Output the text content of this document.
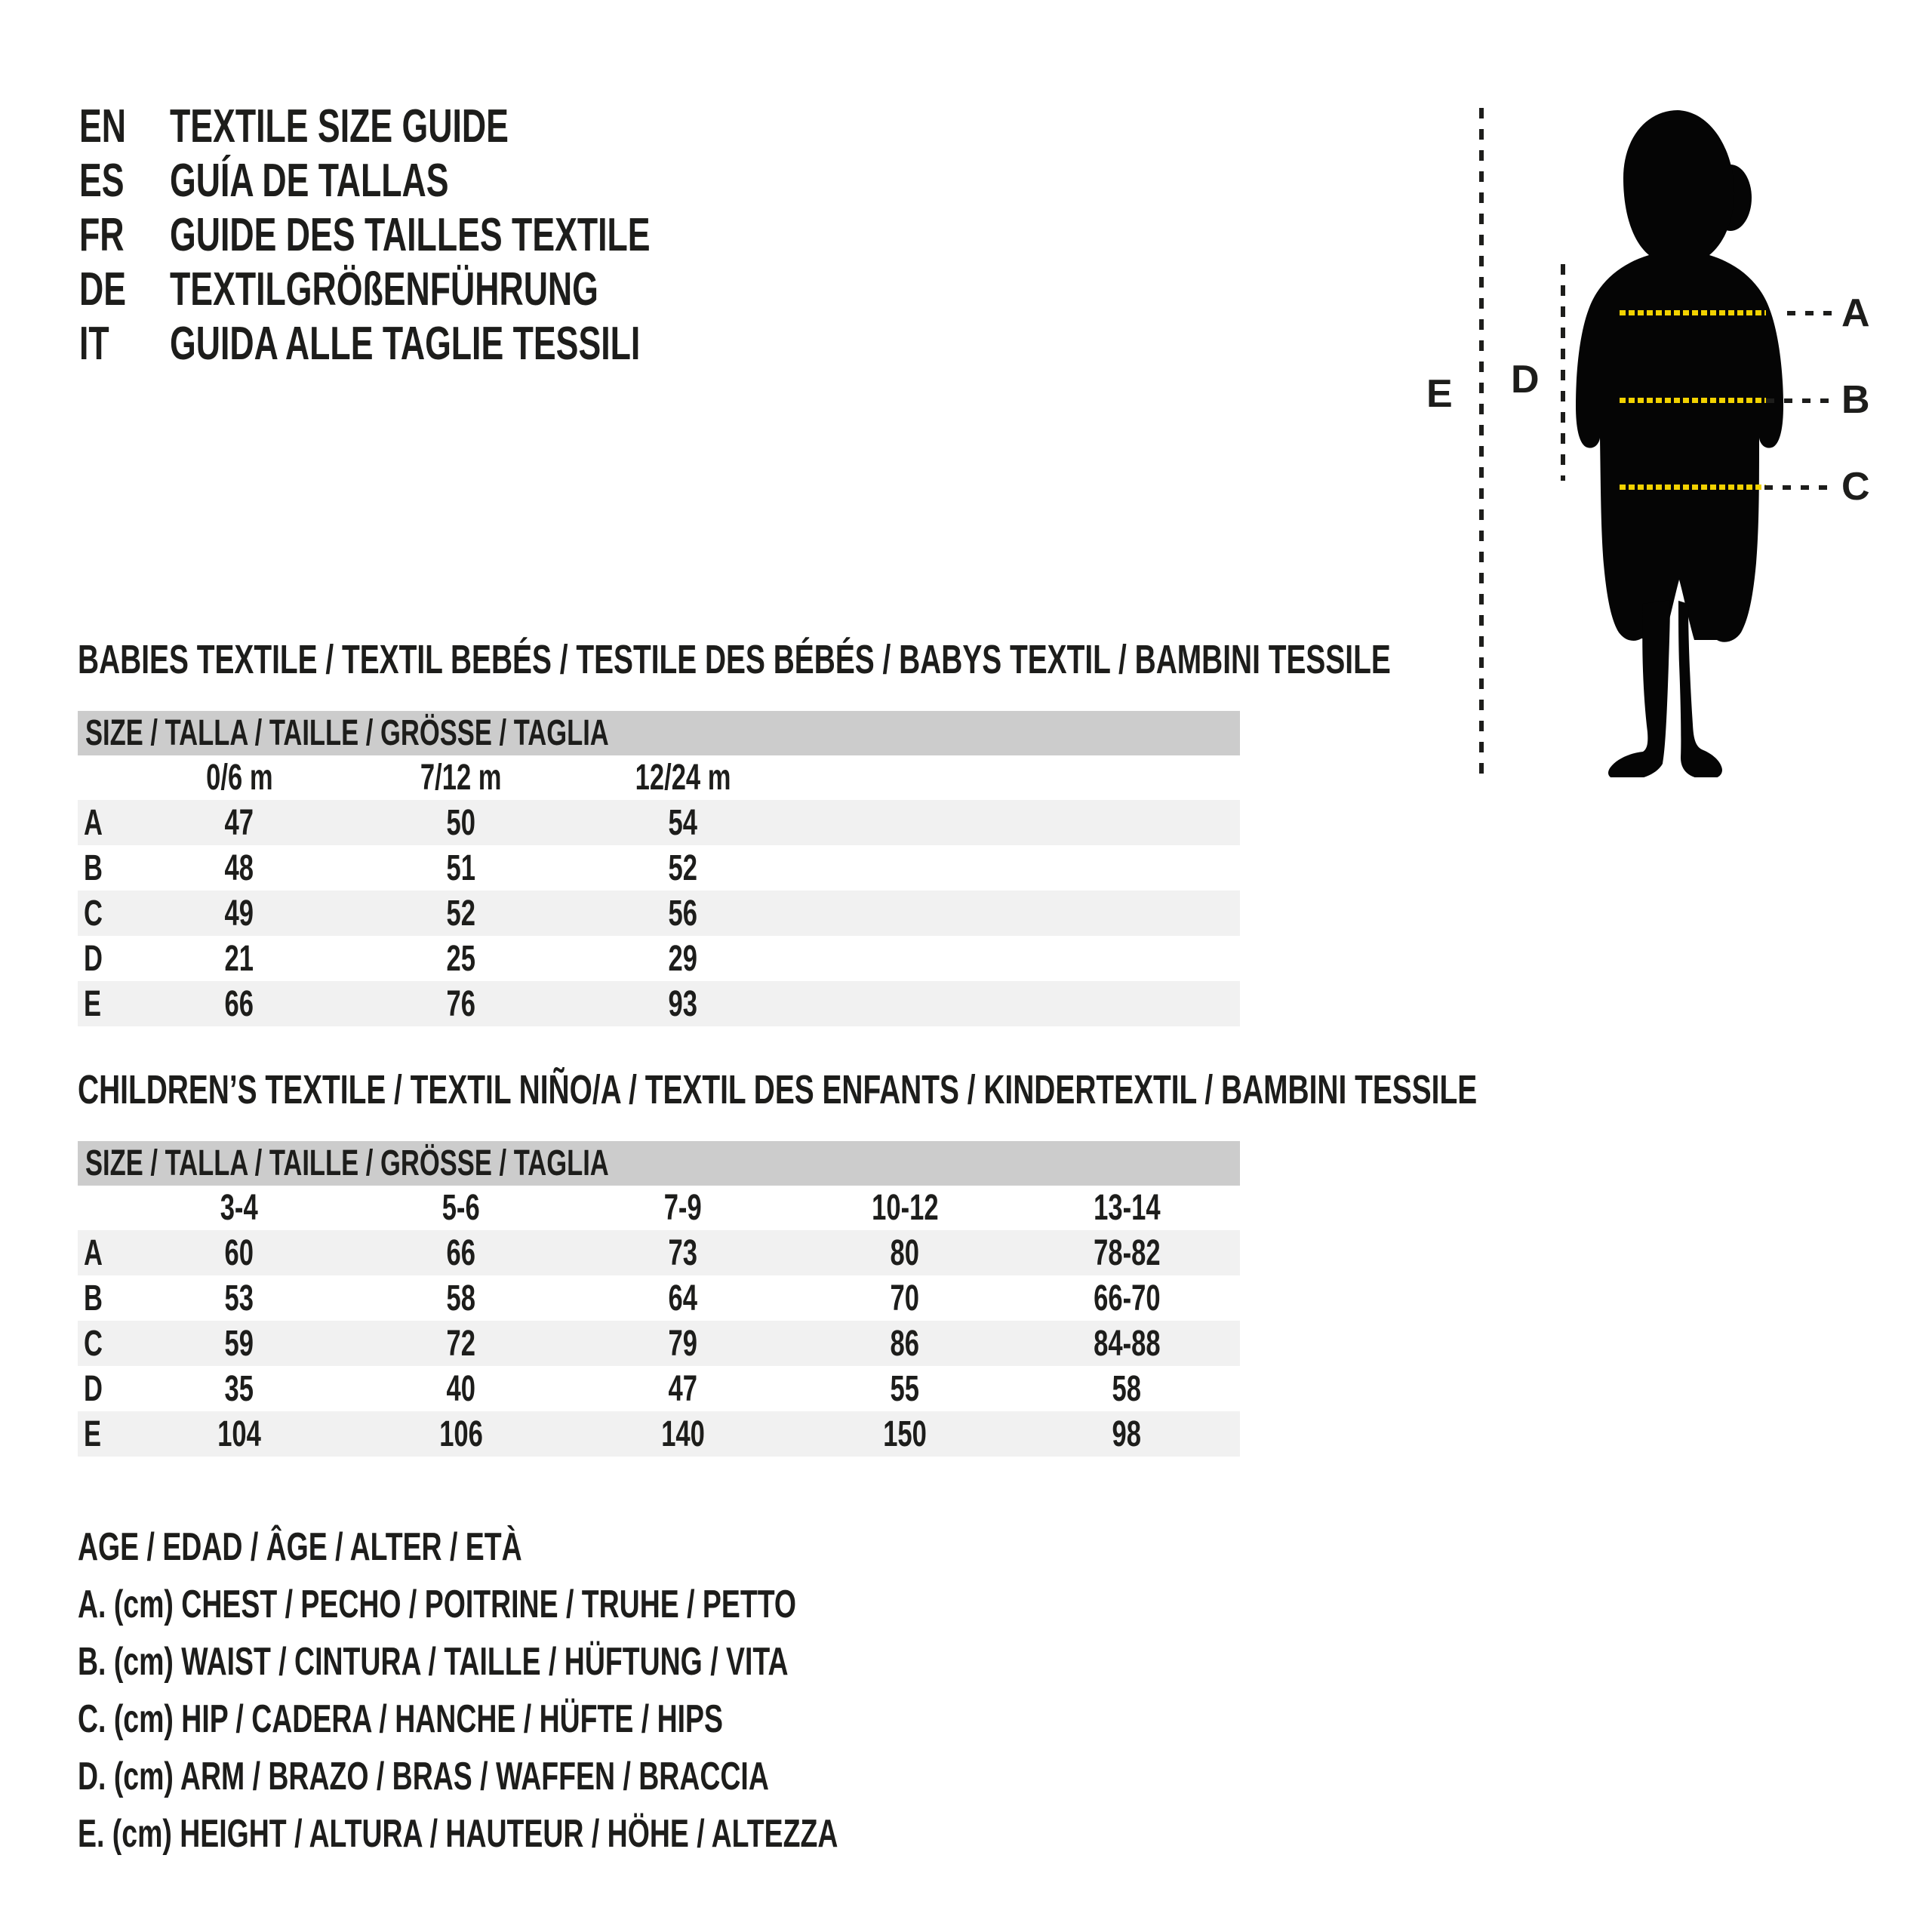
EN TEXTILE SIZE GUIDE
ES GUÍA DE TALLAS
FR GUIDE DES TAILLES TEXTILE
DE TEXTILGRÖßENFÜHRUNG
IT	GUIDA ALLE TAGLIE TESSILI
A
B
C
D
E
BABIES TEXTILE / TEXTIL BEBÉS / TESTILE DES BÉBÉS / BABYS TEXTIL / BAMBINI TESSILE
SIZE / TALLA / TAILLE / GRÖSSE / TAGLIA
0/6 m	7/12 m	12/24 m
A	47	50	54
B	48	51	52
C	49	52	56
D	21	25	29
E	66	76	93
CHILDREN’S TEXTILE / TEXTIL NIÑO/A / TEXTIL DES ENFANTS / KINDERTEXTIL / BAMBINI TESSILE
SIZE / TALLA / TAILLE / GRÖSSE / TAGLIA
3-4	5-6	7-9	10-12	13-14
A	60	66	73	80	78-82
B	53	58	64	70	66-70
C	59	72	79	86	84-88
D	35	40	47	55	58
E	104	106	140	150	98
AGE / EDAD / ÂGE / ALTER / ETÀ
A. (cm) CHEST / PECHO / POITRINE / TRUHE / PETTO
B. (cm) WAIST / CINTURA / TAILLE / HÜFTUNG / VITA
C. (cm) HIP / CADERA / HANCHE / HÜFTE / HIPS
D. (cm) ARM / BRAZO / BRAS / WAFFEN / BRACCIA
E. (cm) HEIGHT / ALTURA / HAUTEUR / HÖHE / ALTEZZA
